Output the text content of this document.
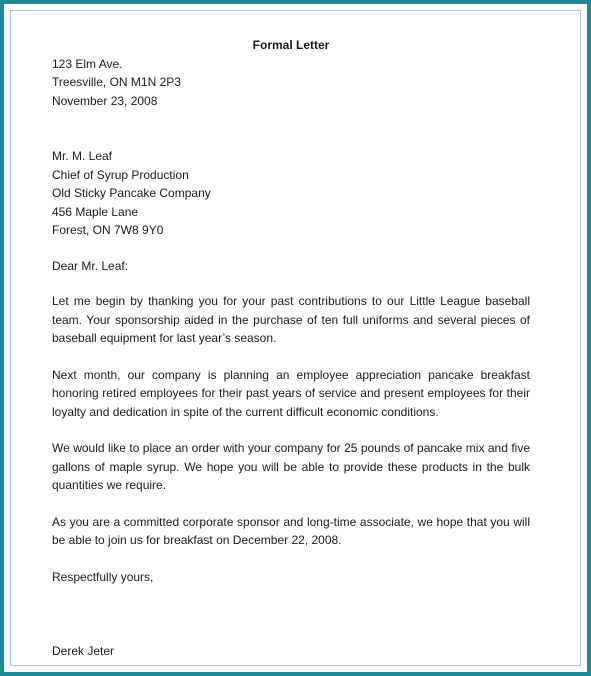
Formal Letter

123 Elm Ave.

Treesville, ON M1N 2P3

November 23, 2008

Mr. M. Leaf

Chief of Syrup Production

Old Sticky Pancake Company

456 Maple Lane

Forest, ON 7W8 9Y0

Dear Mr. Leaf:

Let me begin by thanking you for your past contributions to our Little League baseball team. Your sponsorship aided in the purchase of ten full uniforms and several pieces of baseball equipment for last year’s season.

Next month, our company is planning an employee appreciation pancake breakfast honoring retired employees for their past years of service and present employees for their loyalty and dedication in spite of the current difficult economic conditions.

We would like to place an order with your company for 25 pounds of pancake mix and five gallons of maple syrup. We hope you will be able to provide these products in the bulk quantities we require.

As you are a committed corporate sponsor and long-time associate, we hope that you will be able to join us for breakfast on December 22, 2008.

Respectfully yours,

Derek Jeter
